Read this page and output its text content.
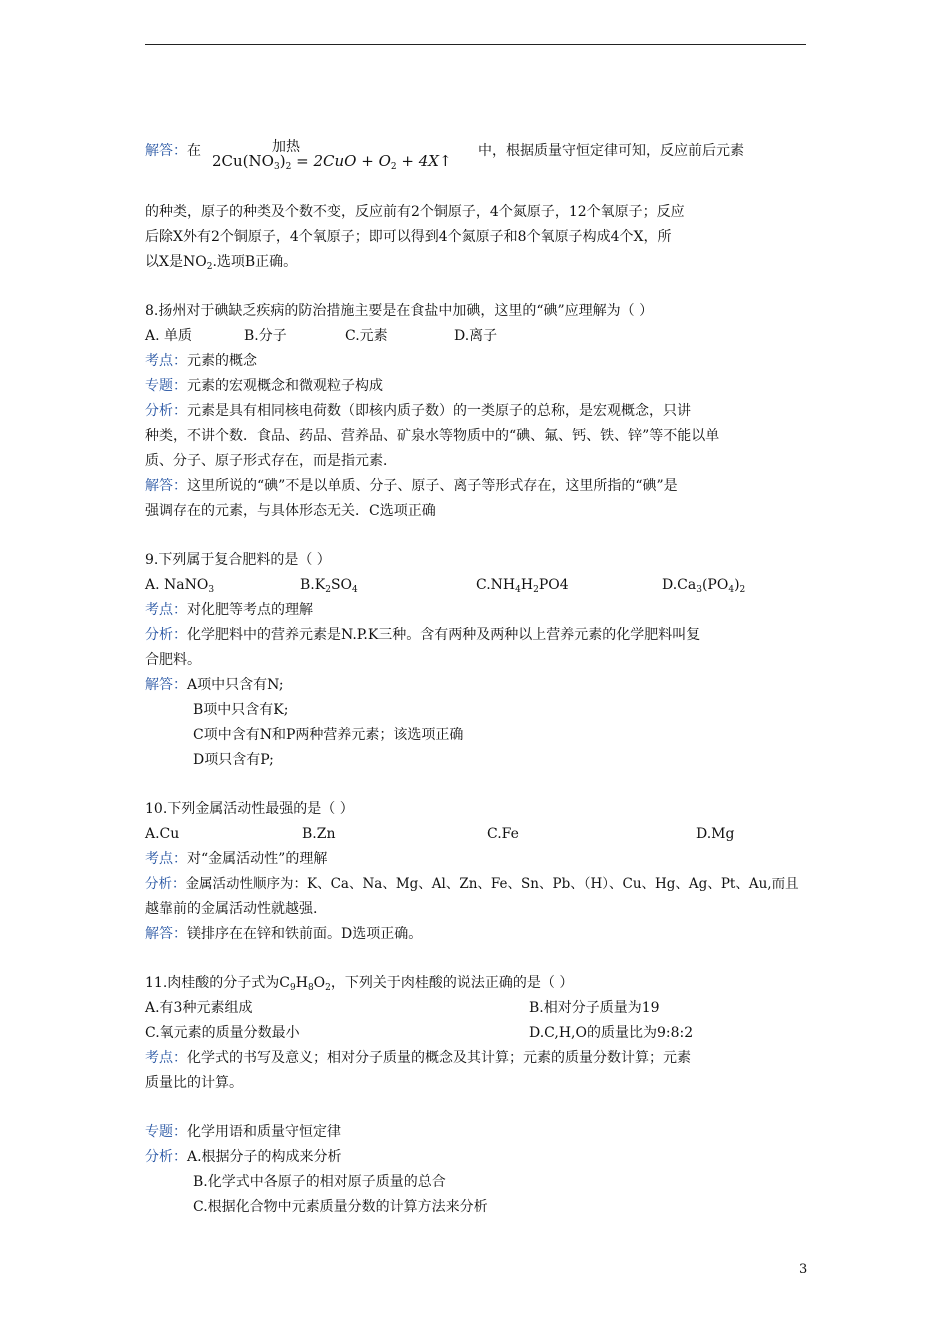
解答：在	加热
$2Cu(NO_3)_2 = 2CuO + O_2$ + 4X↑
中，根据质量守恒定律可知，反应前后元素
的种类，原子的种类及个数不变，反应前有2个铜原子，4个氮原子，12个氧原子；反应
后除X外有2个铜原子，4个氧原子；即可以得到4个氮原子和8个氧原子构成4个X，所
以X是$NO_2$.选项B正确。
8.扬州对于碘缺乏疾病的防治措施主要是在食盐中加碘，这里的“碘”应理解为（ ）
A. 单质	B.分子	C.元素	D.离子
考点：元素的概念
专题：元素的宏观概念和微观粒子构成
分析：元素是具有相同核电荷数（即核内质子数）的一类原子的总称，是宏观概念，只讲
种类，不讲个数．食品、药品、营养品、矿泉水等物质中的“碘、氟、钙、铁、锌”等不能以单
质、分子、原子形式存在，而是指元素．
解答：这里所说的“碘”不是以单质、分子、原子、离子等形式存在，这里所指的“碘”是
强调存在的元素，与具体形态无关．C选项正确
9.下列属于复合肥料的是（ ）
A. NaNO$_3$	$B.K_2SO_4$	$C.NH_4H_2PO4$	$D.Ca_3(PO_4)_2$
考点：对化肥等考点的理解
分析：化学肥料中的营养元素是N.P.K三种。含有两种及两种以上营养元素的化学肥料叫复
合肥料。
解答：A项中只含有N;
B项中只含有K;
C项中含有N和P两种营养元素；该选项正确
D项只含有P;
10.下列金属活动性最强的是（ ）
A.Cu	B.Zn	C.Fe	D.Mg
考点：对“金属活动性”的理解
分析：金属活动性顺序为：K、Ca、Na、Mg、Al、Zn、Fe、Sn、Pb、（H）、Cu、Hg、Ag、Pt、Au,而且
越靠前的金属活动性就越强.
解答：镁排序在在锌和铁前面。D选项正确。
11.肉桂酸的分子式为$C_9H_8O_2$，下列关于肉桂酸的说法正确的是（ ）
A.有3种元素组成	B.相对分子质量为19
C.氧元素的质量分数最小	D.C,H,O的质量比为9:8:2
考点：化学式的书写及意义；相对分子质量的概念及其计算；元素的质量分数计算；元素
质量比的计算。
专题：化学用语和质量守恒定律
分析：A.根据分子的构成来分析
B.化学式中各原子的相对原子质量的总合
C.根据化合物中元素质量分数的计算方法来分析
3
